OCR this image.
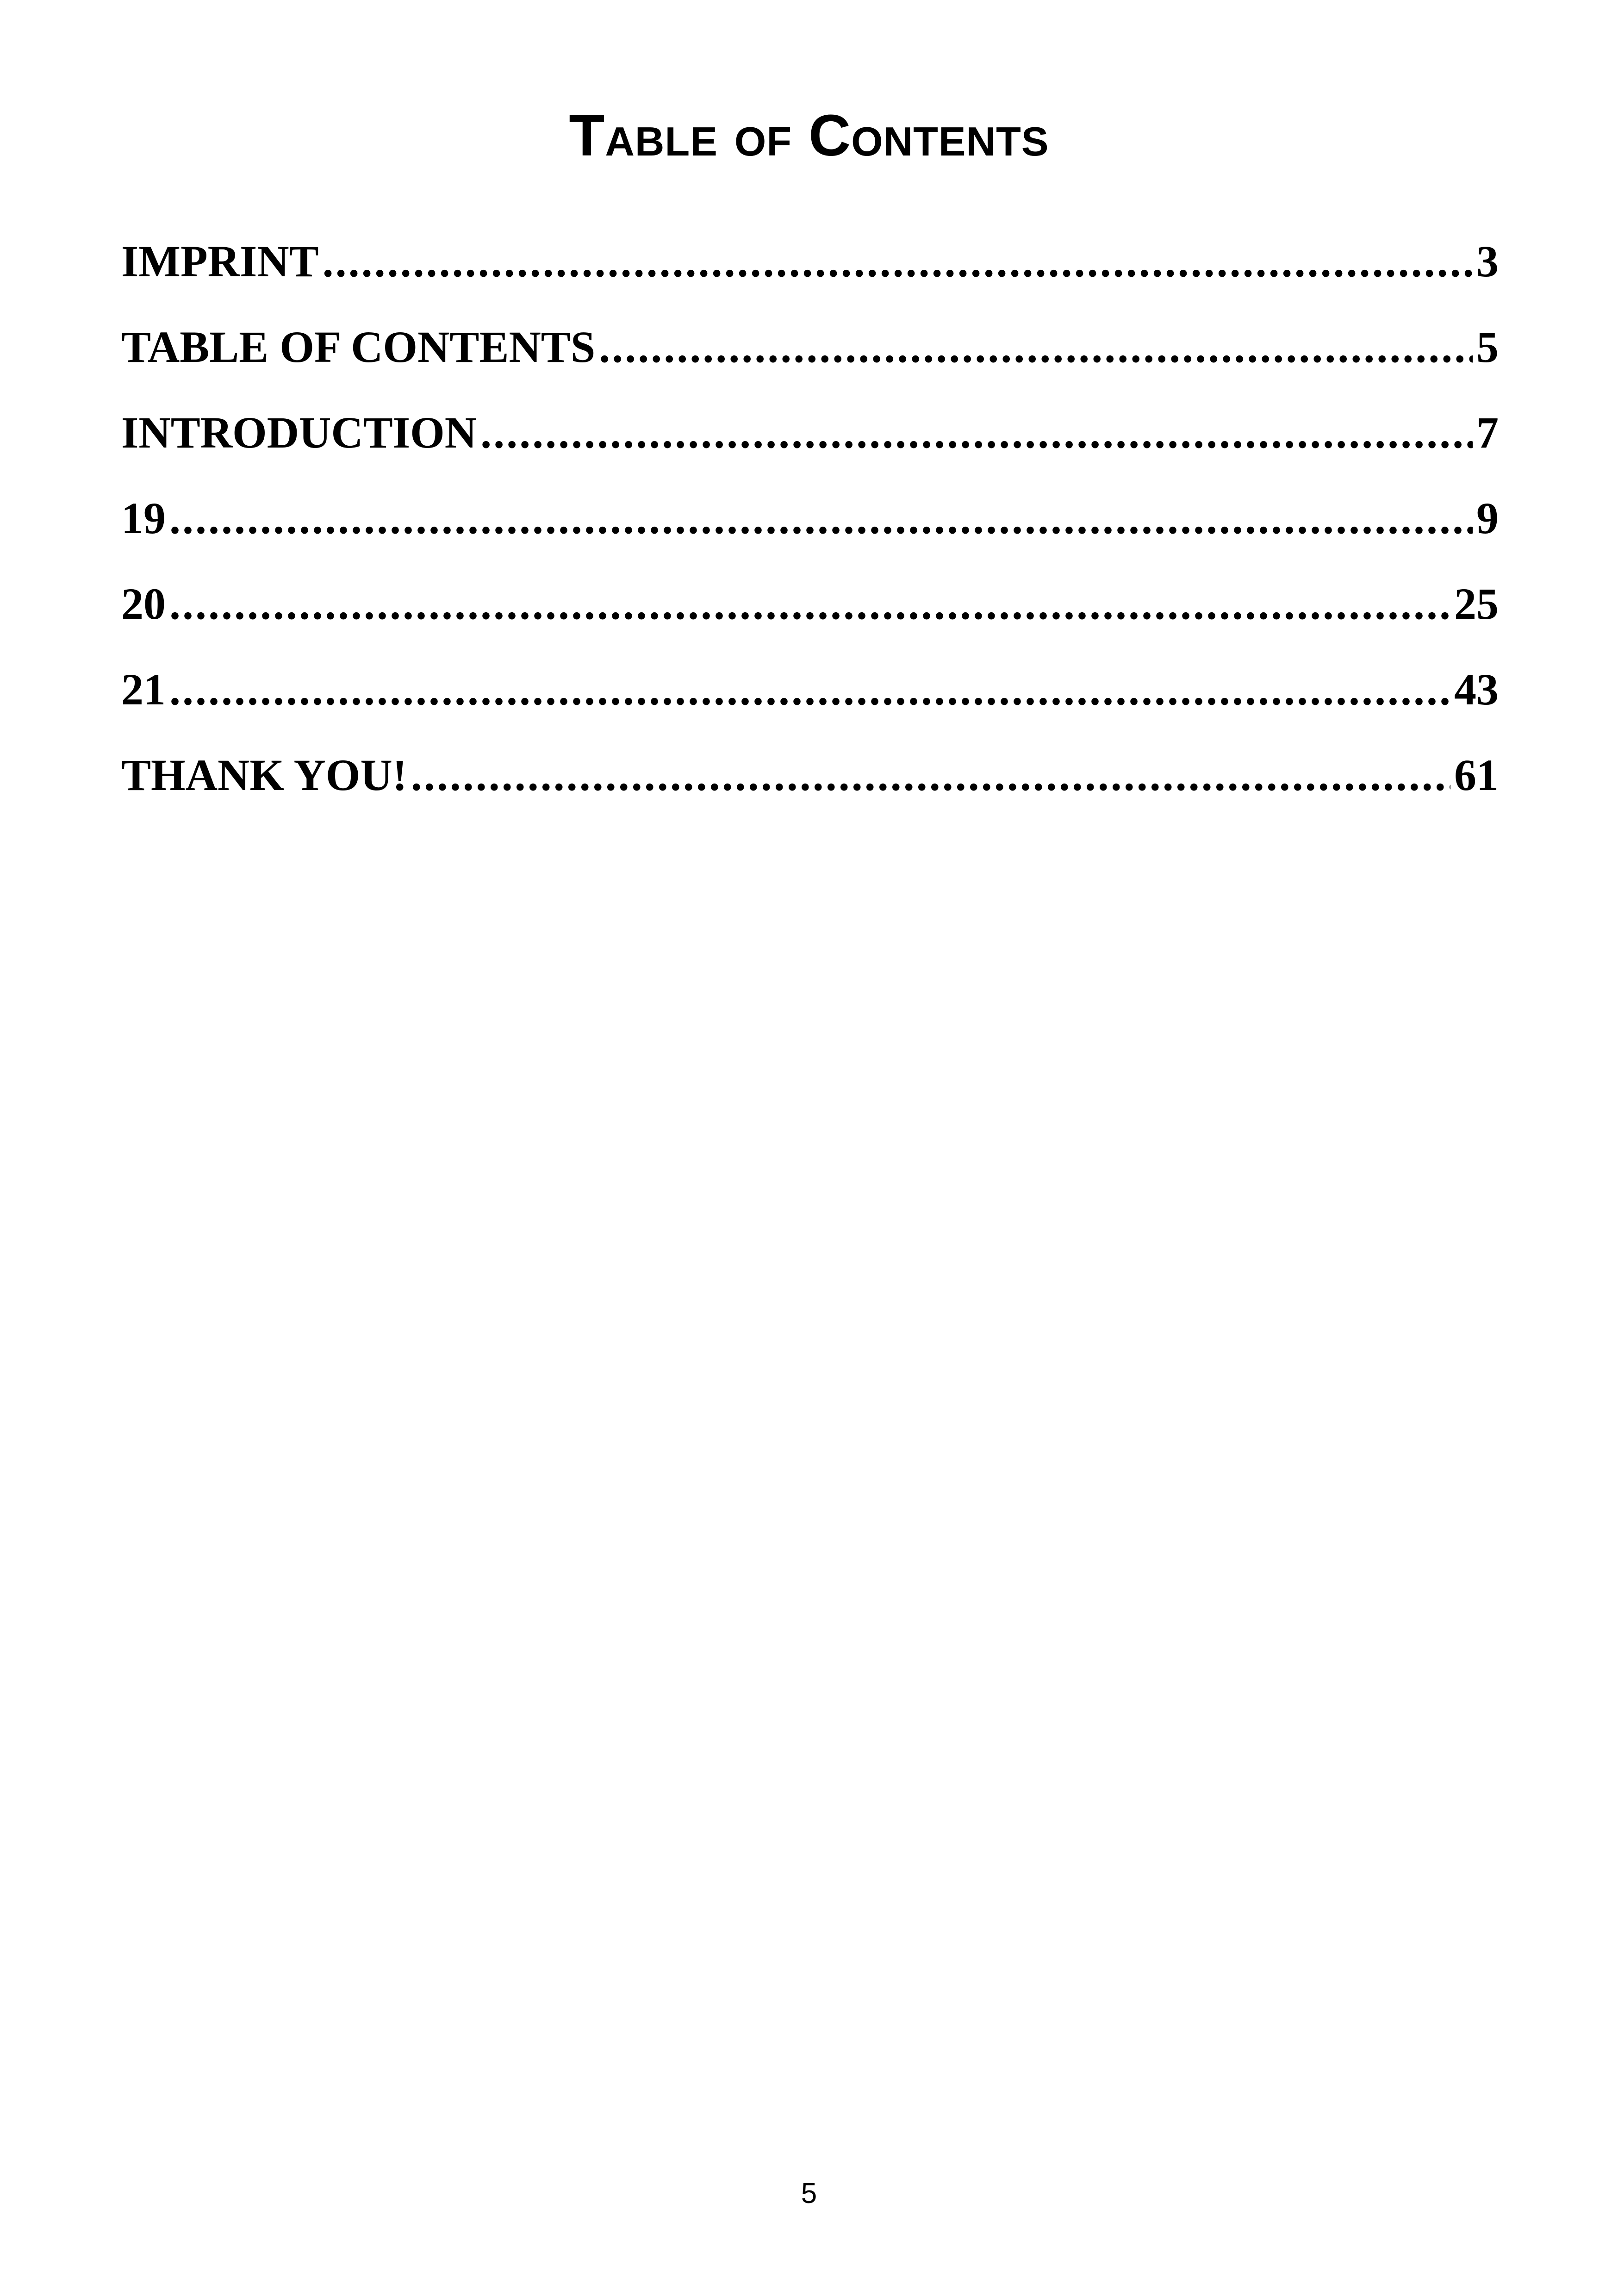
Table of Contents
IMPRINT .....	3
TABLE OF CONTENTS .....	5
INTRODUCTION .....	7
19 .....	9
20 .....	25
21 .....	43
THANK YOU! .....	61
5
